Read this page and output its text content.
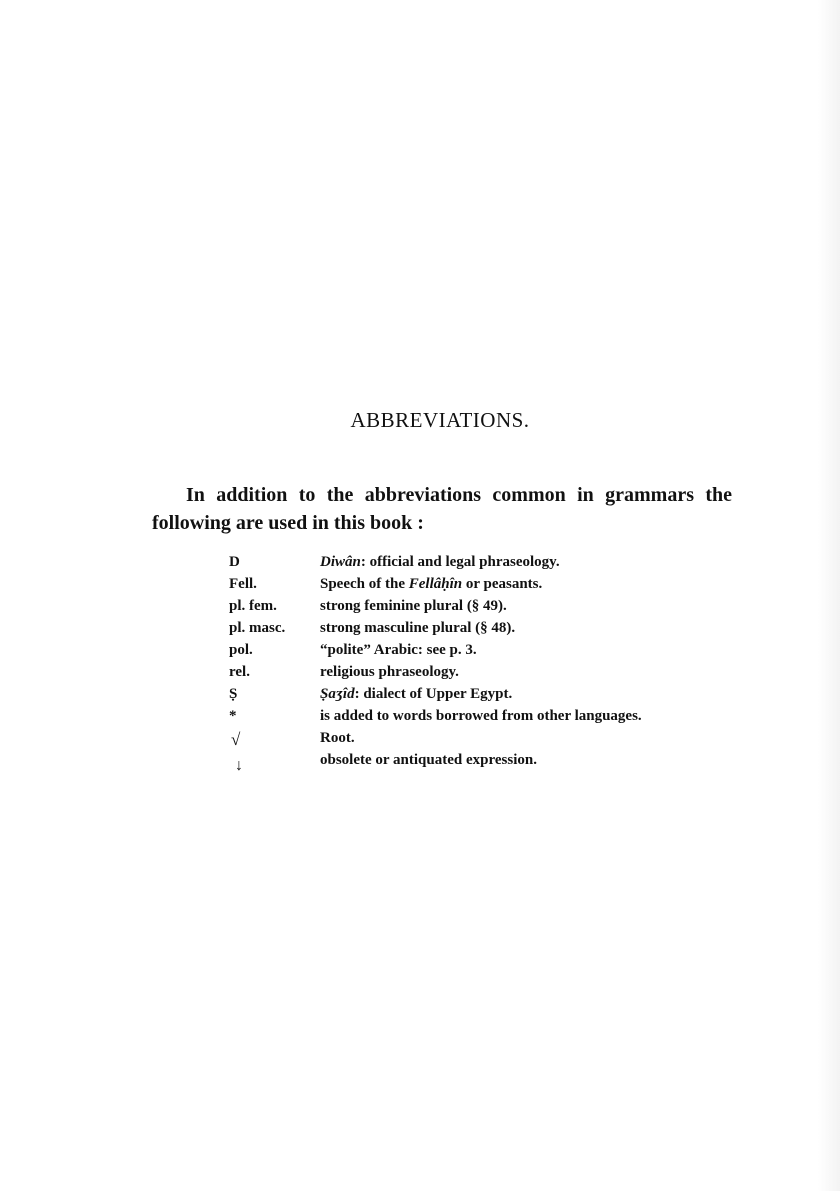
ABBREVIATIONS.
In addition to the abbreviations common in grammars the
following are used in this book :
D	Diwân: official and legal phraseology.
Fell.	Speech of the Fellâḥîn or peasants.
pl. fem.	strong feminine plural (§ 49).
pl. masc.	strong masculine plural (§ 48).
pol.	“polite” Arabic: see p. 3.
rel.	religious phraseology.
Ṣ	Ṣaʒîd: dialect of Upper Egypt.
*	is added to words borrowed from other languages.
√	Root.
↓	obsolete or antiquated expression.
